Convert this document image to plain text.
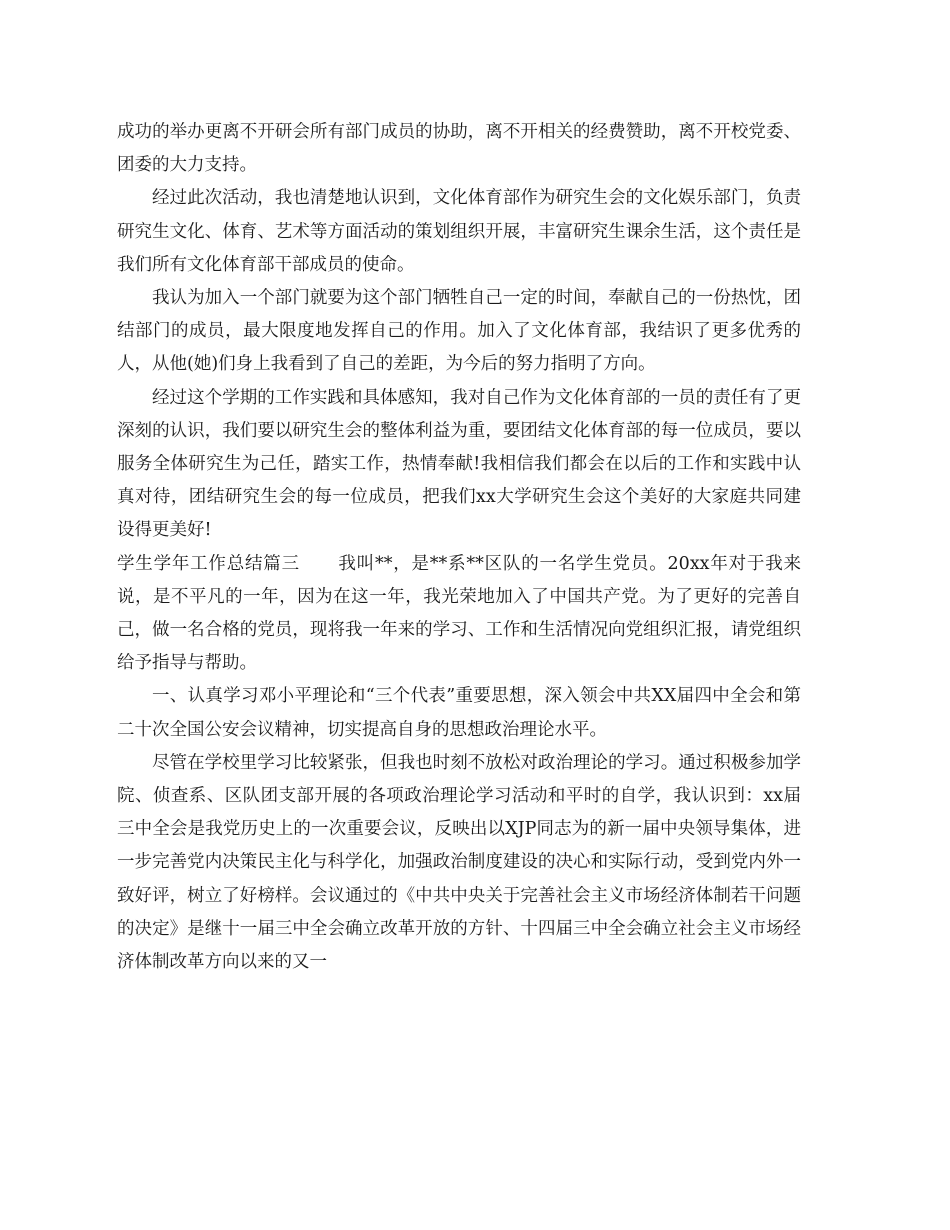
成功的举办更离不开研会所有部门成员的协助，离不开相关的经费赞助，离不开校党委、团委的大力支持。

经过此次活动，我也清楚地认识到，文化体育部作为研究生会的文化娱乐部门，负责研究生文化、体育、艺术等方面活动的策划组织开展，丰富研究生课余生活，这个责任是我们所有文化体育部干部成员的使命。

我认为加入一个部门就要为这个部门牺牲自己一定的时间，奉献自己的一份热忱，团结部门的成员，最大限度地发挥自己的作用。加入了文化体育部，我结识了更多优秀的人，从他(她)们身上我看到了自己的差距，为今后的努力指明了方向。

经过这个学期的工作实践和具体感知，我对自己作为文化体育部的一员的责任有了更深刻的认识，我们要以研究生会的整体利益为重，要团结文化体育部的每一位成员，要以服务全体研究生为己任，踏实工作，热情奉献!我相信我们都会在以后的工作和实践中认真对待，团结研究生会的每一位成员，把我们xx大学研究生会这个美好的大家庭共同建设得更美好!

学生学年工作总结篇三 我叫**，是**系**区队的一名学生党员。20xx年对于我来说，是不平凡的一年，因为在这一年，我光荣地加入了中国共产党。为了更好的完善自己，做一名合格的党员，现将我一年来的学习、工作和生活情况向党组织汇报，请党组织给予指导与帮助。

一、认真学习邓小平理论和“三个代表”重要思想，深入领会中共XX届四中全会和第二十次全国公安会议精神，切实提高自身的思想政治理论水平。

尽管在学校里学习比较紧张，但我也时刻不放松对政治理论的学习。通过积极参加学院、侦查系、区队团支部开展的各项政治理论学习活动和平时的自学，我认识到：xx届三中全会是我党历史上的一次重要会议，反映出以XJP同志为的新一届中央领导集体，进一步完善党内决策民主化与科学化，加强政治制度建设的决心和实际行动，受到党内外一致好评，树立了好榜样。会议通过的《中共中央关于完善社会主义市场经济体制若干问题的决定》是继十一届三中全会确立改革开放的方针、十四届三中全会确立社会主义市场经济体制改革方向以来的又一
